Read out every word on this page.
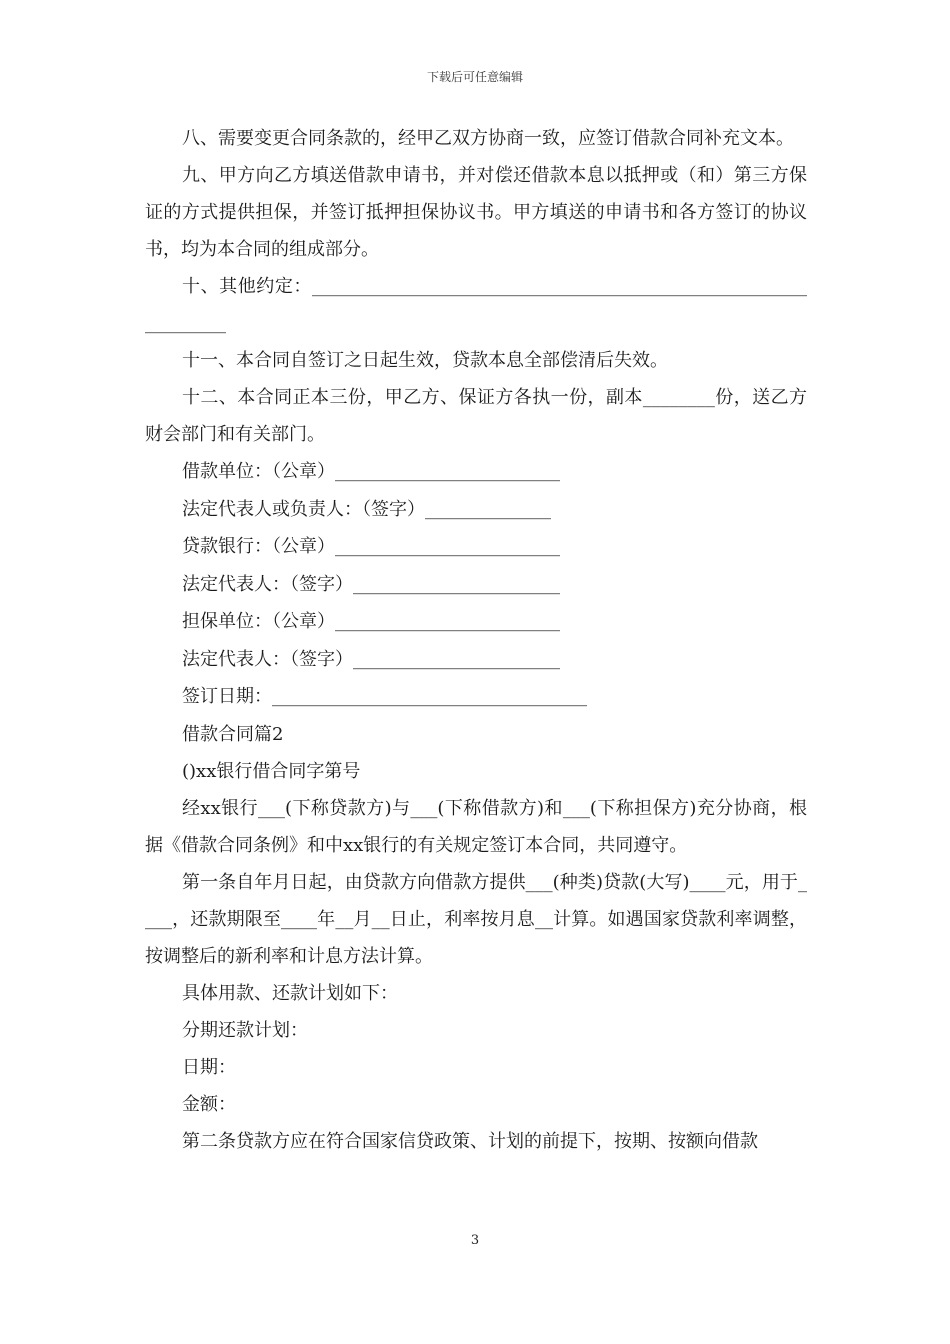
下载后可任意编辑

八、需要变更合同条款的，经甲乙双方协商一致，应签订借款合同补充文本。

九、甲方向乙方填送借款申请书，并对偿还借款本息以抵押或（和）第三方保证的方式提供担保，并签订抵押担保协议书。甲方填送的申请书和各方签订的协议书，均为本合同的组成部分。

十、其他约定：________________________________________________________________

十一、本合同自签订之日起生效，贷款本息全部偿清后失效。

十二、本合同正本三份，甲乙方、保证方各执一份，副本________份，送乙方财会部门和有关部门。

借款单位：（公章）_________________________

法定代表人或负责人：（签字）______________

贷款银行：（公章）_________________________

法定代表人：（签字）_______________________

担保单位：（公章）_________________________

法定代表人：（签字）_______________________

签订日期：___________________________________

借款合同篇2

()xx银行借合同字第号

经xx银行___(下称贷款方)与___(下称借款方)和___(下称担保方)充分协商，根据《借款合同条例》和中xx银行的有关规定签订本合同，共同遵守。

第一条自年月日起，由贷款方向借款方提供___(种类)贷款(大写)____元，用于____，还款期限至____年__月__日止，利率按月息__计算。如遇国家贷款利率调整，按调整后的新利率和计息方法计算。

具体用款、还款计划如下：

分期还款计划：

日期：

金额：

第二条贷款方应在符合国家信贷政策、计划的前提下，按期、按额向借款

3
